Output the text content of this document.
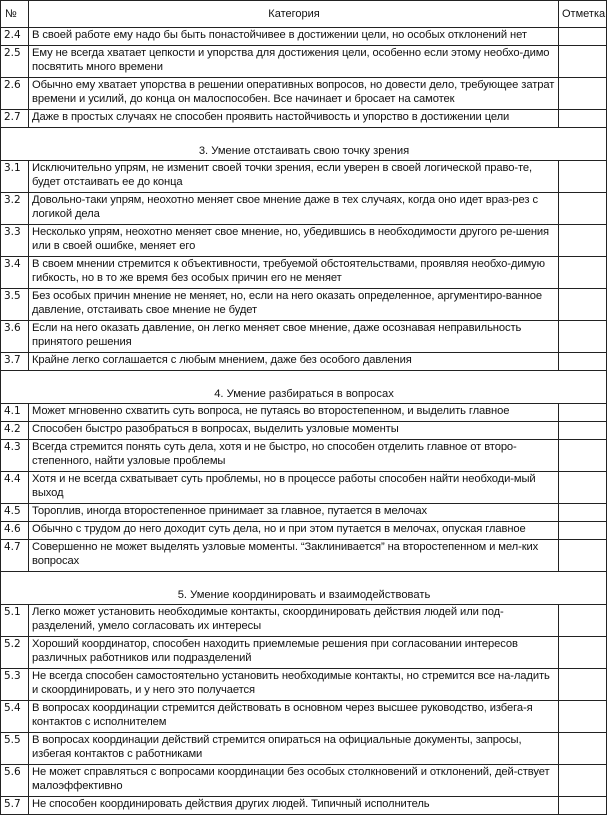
№	Категория	Отметка
2.4	В своей работе ему надо бы быть понастойчивее в достижении цели, но особых отклонений нет	
2.5	Ему не всегда хватает цепкости и упорства для достижения цели, особенно если этому необхо-димо посвятить много времени	
2.6	Обычно ему хватает упорства в решении оперативных вопросов, но довести дело, требующее затрат времени и усилий, до конца он малоспособен. Все начинает и бросает на самотек	
2.7	Даже в простых случаях не способен проявить настойчивость и упорство в достижении цели	
3. Умение отстаивать свою точку зрения		
3.1	Исключительно упрям, не изменит своей точки зрения, если уверен в своей логической право-те, будет отстаивать ее до конца	
3.2	Довольно-таки упрям, неохотно меняет свое мнение даже в тех случаях, когда оно идет враз-рез с логикой дела	
3.3	Несколько упрям, неохотно меняет свое мнение, но, убедившись в необходимости другого ре-шения или в своей ошибке, меняет его	
3.4	В своем мнении стремится к объективности, требуемой обстоятельствами, проявляя необхо-димую гибкость, но в то же время без особых причин его не меняет	
3.5	Без особых причин мнение не меняет, но, если на него оказать определенное, аргументиро-ванное давление, отстаивать свое мнение не будет	
3.6	Если на него оказать давление, он легко меняет свое мнение, даже осознавая неправильность принятого решения	
3.7	Крайне легко соглашается с любым мнением, даже без особого давления	
4. Умение разбираться в вопросах		
4.1	Может мгновенно схватить суть вопроса, не путаясь во второстепенном, и выделить главное	
4.2	Способен быстро разобраться в вопросах, выделить узловые моменты	
4.3	Всегда стремится понять суть дела, хотя и не быстро, но способен отделить главное от второ-степенного, найти узловые проблемы	
4.4	Хотя и не всегда схватывает суть проблемы, но в процессе работы способен найти необходи-мый выход	
4.5	Тороплив, иногда второстепенное принимает за главное, путается в мелочах	
4.6	Обычно с трудом до него доходит суть дела, но и при этом путается в мелочах, опуская главное	
4.7	Совершенно не может выделять узловые моменты. “Заклинивается” на второстепенном и мел-ких вопросах	
5. Умение координировать и взаимодействовать		
5.1	Легко может установить необходимые контакты, скоординировать действия людей или под-разделений, умело согласовать их интересы	
5.2	Хороший координатор, способен находить приемлемые решения при согласовании интересов различных работников или подразделений	
5.3	Не всегда способен самостоятельно установить необходимые контакты, но стремится все на-ладить и скоординировать, и у него это получается	
5.4	В вопросах координации стремится действовать в основном через высшее руководство, избега-я контактов с исполнителем	
5.5	В вопросах координации действий стремится опираться на официальные документы, запросы, избегая контактов с работниками	
5.6	Не может справляться с вопросами координации без особых столкновений и отклонений, дей-ствует малоэффективно	
5.7	Не способен координировать действия других людей. Типичный исполнитель	
